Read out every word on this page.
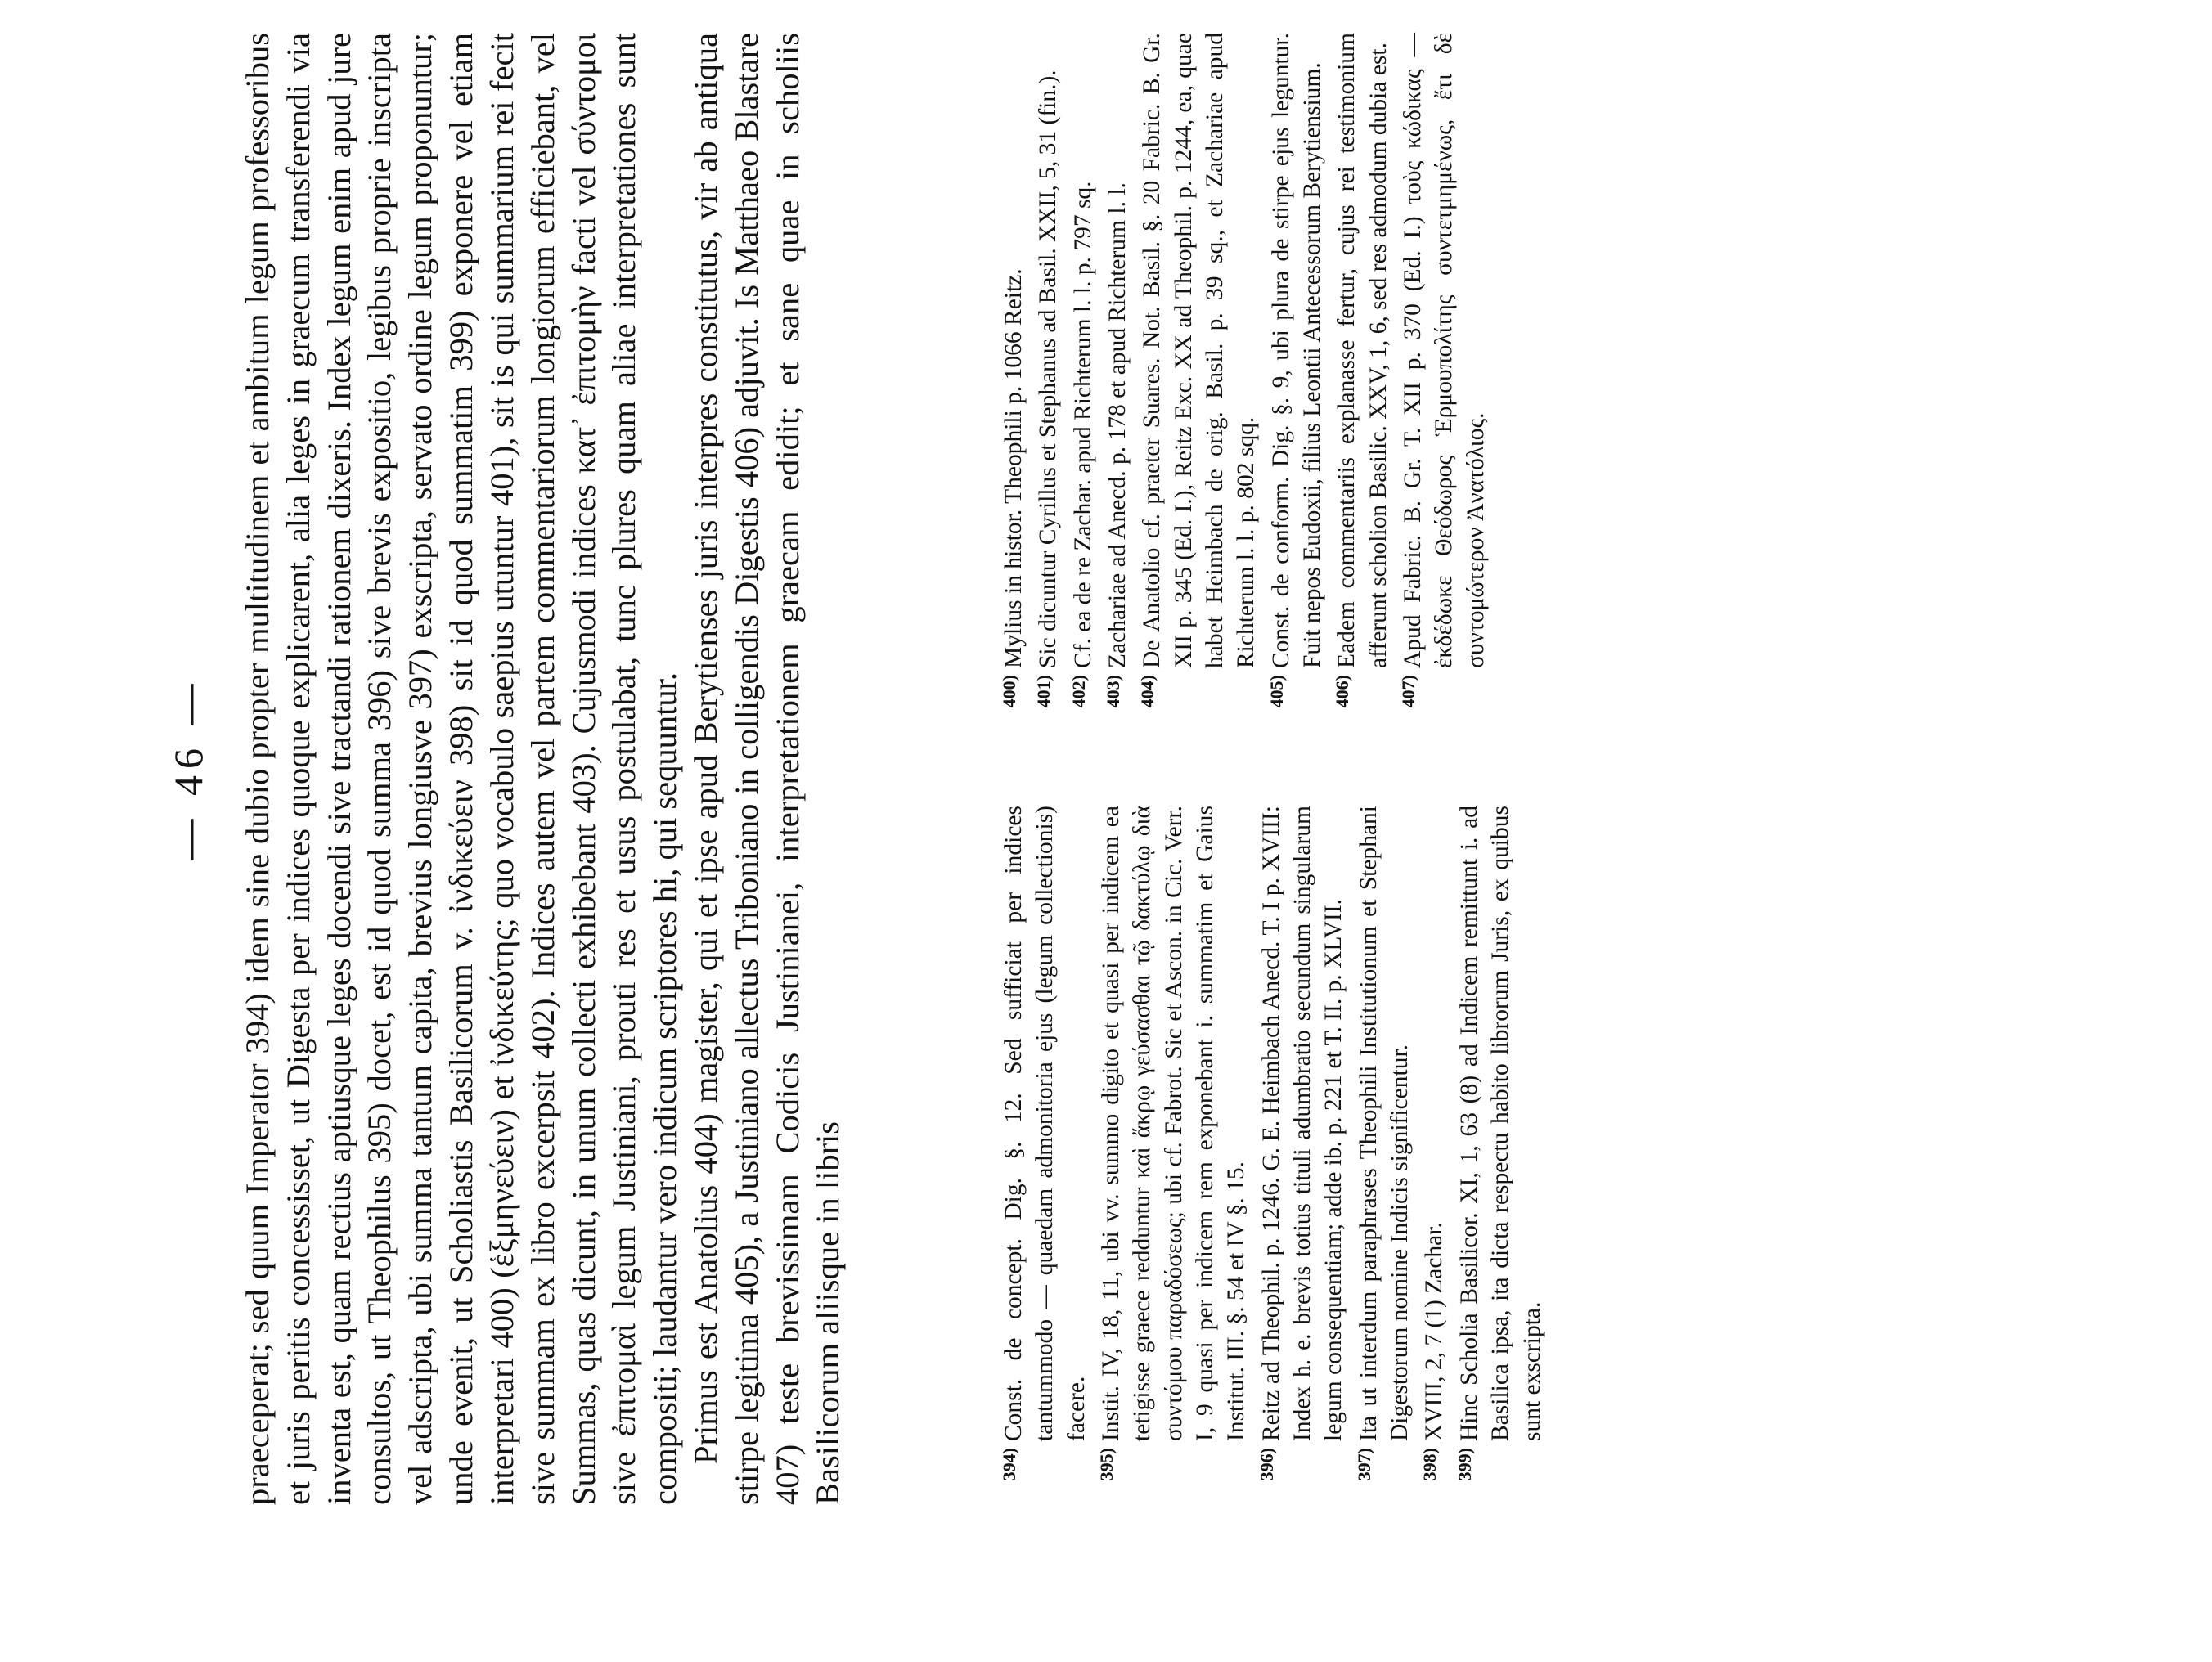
— 46 — praeceperat; sed quum Imperator 394) idem sine dubio propter multitudinem et ambitum legum professoribus et juris peritis concessisset, ut Digesta per indices quoque explicarent, alia leges in graecum transferendi via inventa est, quam rectius aptiusque leges docendi sive tractandi rationem dixeris. Index legum enim apud jure consultos, ut Theophilus 395) docet, est id quod summa 396) sive brevis expositio, legibus proprie inscripta vel adscripta, ubi summa tantum capita, brevius longiusve 397) exscripta, servato ordine legum proponuntur; unde evenit, ut Scholiastis Basilicorum v. ἰνδικεύειν 398) sit id quod summatim 399) exponere vel etiam interpretari 400) (ἑξμηνεύειν) et ἰνδικεύτης; quo vocabulo saepius utuntur 401), sit is qui summarium rei fecit sive summam ex libro excerpsit 402). Indices autem vel partem commentariorum longiorum efficiebant, vel Summas, quas dicunt, in unum collecti exhibebant 403). Cujusmodi indices κατ᾽ ἐπιτομὴν facti vel σύντομοι sive ἐπιτομαὶ legum Justiniani, prouti res et usus postulabat, tunc plures quam aliae interpretationes sunt compositi; laudantur vero indicum scriptores hi, qui sequuntur. Primus est Anatolius 404) magister, qui et ipse apud Berytienses juris interpres constitutus, vir ab antiqua stirpe legitima 405), a Justiniano allectus Triboniano in colligendis Digestis 406) adjuvit. Is Matthaeo Blastare 407) teste brevissimam Codicis Justinianei, interpretationem graecam edidit; et sane quae in scholiis Basilicorum aliisque in libris	394)
Const. de concept. Dig. §. 12. Sed sufficiat per indices tantummodo — quaedam admonitoria ejus (legum collectionis) facere.
395)
Instit. IV, 18, 11, ubi vv. summo digito et quasi per indicem ea tetigisse graece redduntur καὶ ἄκρῳ γεύσασθαι τῷ δακτύλῳ διὰ συντόμου παραδόσεως; ubi cf. Fabrot. Sic et Ascon. in Cic. Verr. I, 9 quasi per indicem rem exponebant i. summatim et Gaius Institut. III. §. 54 et IV §. 15.
396)
Reitz ad Theophil. p. 1246. G. E. Heimbach Anecd. T. I p. XVIII: Index h. e. brevis totius tituli adumbratio secundum singularum legum consequentiam; adde ib. p. 221 et T. II. p. XLVII.
397)
Ita ut interdum paraphrases Theophili Institutionum et Stephani Digestorum nomine Indicis significentur.
398)
XVIII, 2, 7 (1) Zachar.
399)
Hinc Scholia Basilicor. XI, 1, 63 (8) ad Indicem remittunt i. ad Basilica ipsa, ita dicta respectu habito librorum Juris, ex quibus sunt exscripta.
400)
Mylius in histor. Theophili p. 1066 Reitz.
401)
Sic dicuntur Cyrillus et Stephanus ad Basil. XXII, 5, 31 (fin.).
402)
Cf. ea de re Zachar. apud Richterum l. l. p. 797 sq.
403)
Zachariae ad Anecd. p. 178 et apud Richterum l. l.
404)
De Anatolio cf. praeter Suares. Not. Basil. §. 20 Fabric. B. Gr. XII p. 345 (Ed. I.), Reitz Exc. XX ad Theophil. p. 1244, ea, quae habet Heimbach de orig. Basil. p. 39 sq., et Zachariae apud Richterum l. l. p. 802 sqq.
405)
Const. de conform. Dig. §. 9, ubi plura de stirpe ejus leguntur. Fuit nepos Eudoxii, filius Leontii Antecessorum Berytiensium.
406)
Eadem commentariis explanasse fertur, cujus rei testimonium afferunt scholion Basilic. XXV, 1, 6, sed res admodum dubia est.
407)
Apud Fabric. B. Gr. T. XII p. 370 (Ed. I.) τοὺς κώδικας — ἐκδέδωκε Θεόδωρος Ἑρμουπολίτης συντετμημένως, ἔτι δὲ συντομώτερον Ἀνατόλιος.
